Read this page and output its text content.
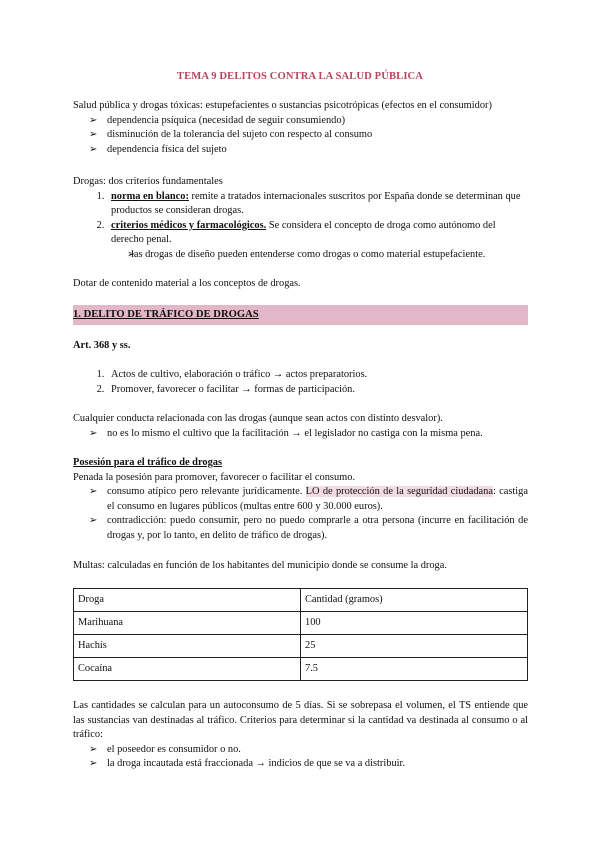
TEMA 9 DELITOS CONTRA LA SALUD PÚBLICA

Salud pública y drogas tóxicas: estupefacientes o sustancias psicotrópicas (efectos en el consumidor)

➢ dependencia psíquica (necesidad de seguir consumiendo)
➢ disminución de la tolerancia del sujeto con respecto al consumo
➢ dependencia física del sujeto

Drogas: dos criterios fundamentales

1. norma en blanco: remite a tratados internacionales suscritos por España donde se determinan que productos se consideran drogas.
2. criterios médicos y farmacológicos. Se considera el concepto de droga como autónomo del derecho penal.
➢ las drogas de diseño pueden entenderse como drogas o como material estupefaciente.
Dotar de contenido material a los conceptos de drogas.
1. DELITO DE TRÁFICO DE DROGAS
Art. 368 y ss.
1. Actos de cultivo, elaboración o tráfico → actos preparatorios.
2. Promover, favorecer o facilitar → formas de participación.

Cualquier conducta relacionada con las drogas (aunque sean actos con distinto desvalor).

➢ no es lo mismo el cultivo que la facilitación → el legislador no castiga con la misma pena.

Posesión para el tráfico de drogas

Penada la posesión para promover, favorecer o facilitar el consumo.

➢ consumo atípico pero relevante jurídicamente. LO de protección de la seguridad ciudadana: castiga el consumo en lugares públicos (multas entre 600 y 30.000 euros).
➢ contradicción: puedo consumir, pero no puedo comprarle a otra persona (incurre en facilitación de drogas y, por lo tanto, en delito de tráfico de drogas).
Multas: calculadas en función de los habitantes del municipio donde se consume la droga.
Droga	Cantidad (gramos)
Marihuana	100
Hachís	25
Cocaína	7.5

Las cantidades se calculan para un autoconsumo de 5 días. Si se sobrepasa el volumen, el TS entiende que las sustancias van destinadas al tráfico. Criterios para determinar si la cantidad va destinada al consumo o al tráfico:

➢ el poseedor es consumidor o no.
➢ la droga incautada está fraccionada → indicios de que se va a distribuir.
